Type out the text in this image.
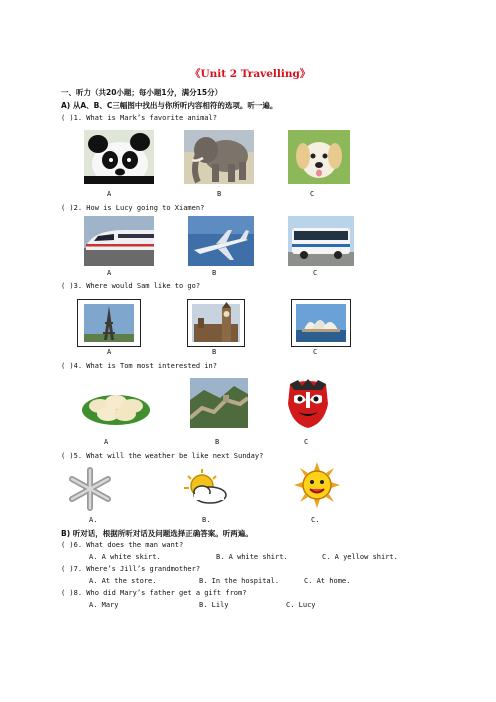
《Unit 2 Travelling》
一、听力（共20小题；每小题1分，满分15分）
A) 从A、B、C三幅图中找出与你所听内容相符的选项。听一遍。
( )1. What is Mark’s favorite animal?
A	B	C
( )2. How is Lucy going to Xiamen?
A	B	C
( )3. Where would Sam like to go?
A	B	C
( )4. What is Tom most interested in?
A	B	C
( )5. What will the weather be like next Sunday?
A.	B.	C.
B) 听对话，根据所听对话及问题选择正确答案。听两遍。
( )6. What does the man want?
A. A white skirt.	B. A white shirt.	C. A yellow shirt.
( )7. Where’s Jill’s grandmother?
A. At the store.	B. In the hospital.	C. At home.
( )8. Who did Mary’s father get a gift from?
A. Mary	B. Lily	C. Lucy
